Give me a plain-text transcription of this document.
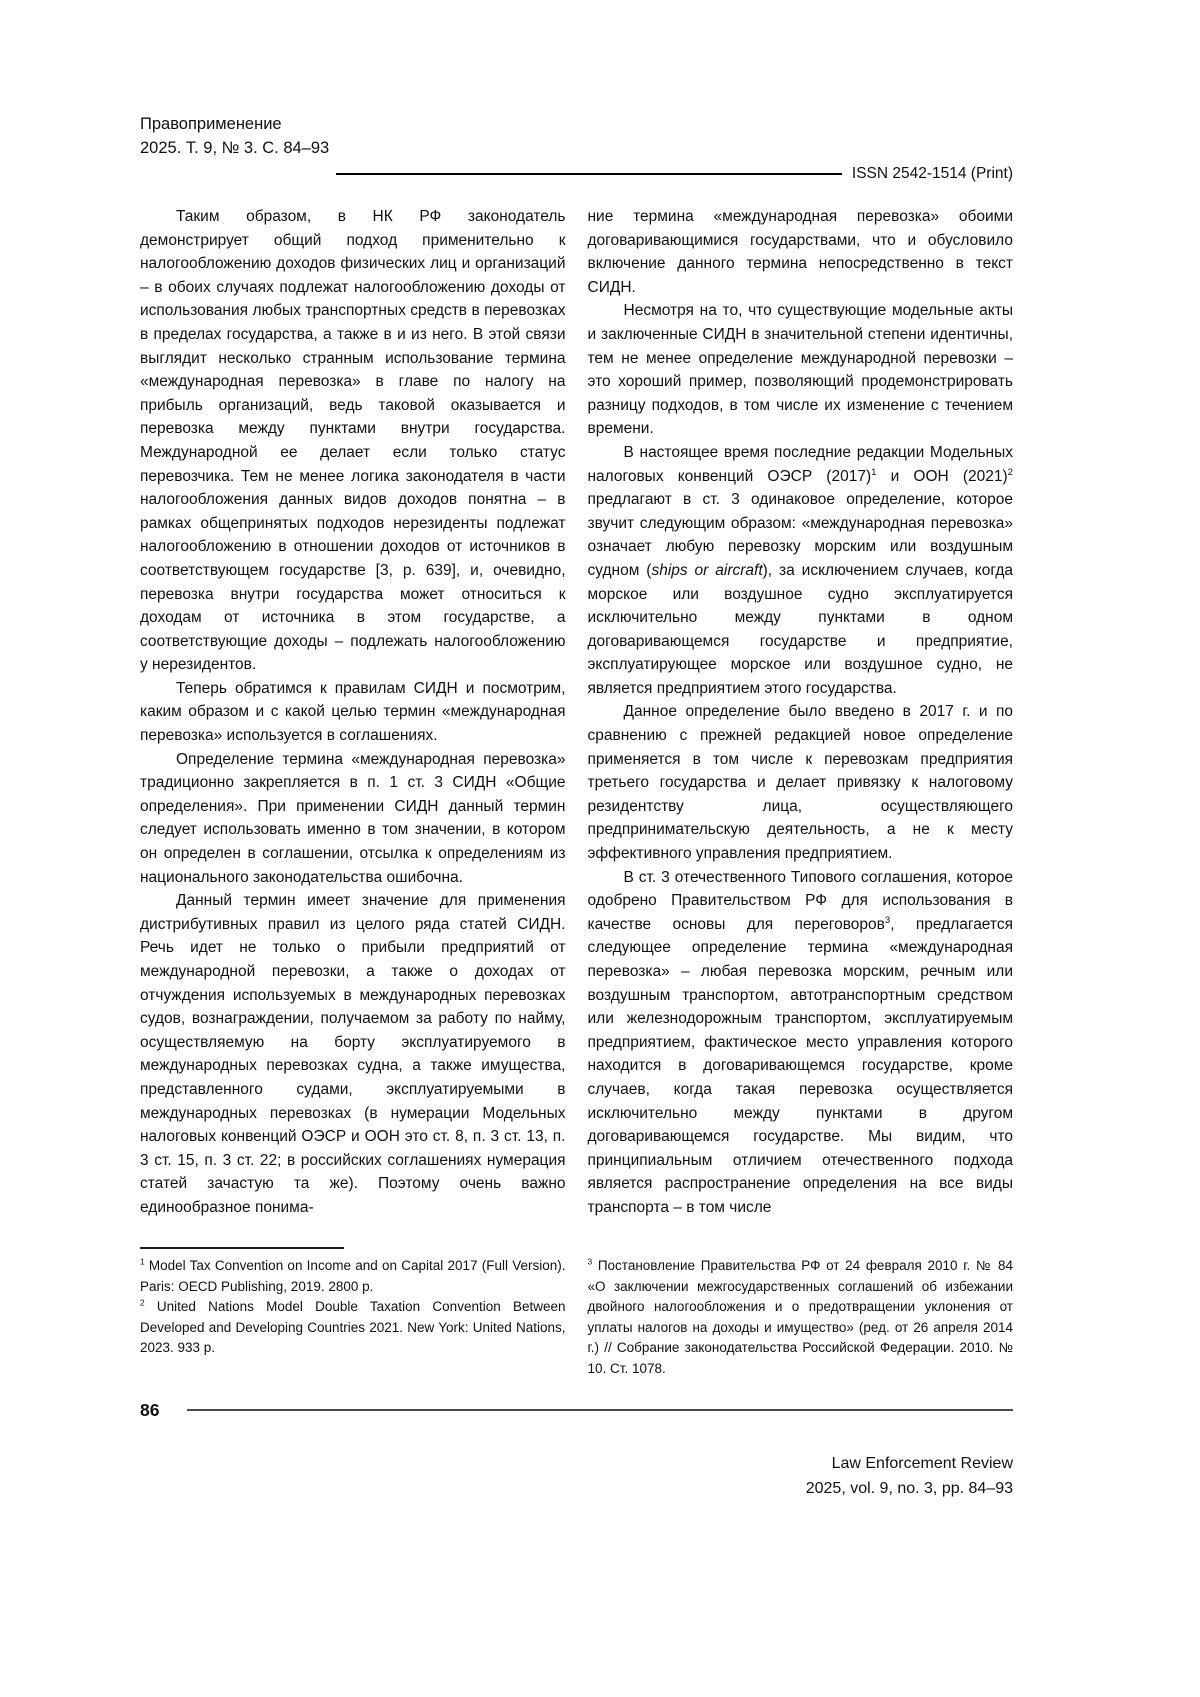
Правоприменение
2025. Т. 9, № 3. С. 84–93
ISSN 2542-1514 (Print)

Таким образом, в НК РФ законодатель демонстрирует общий подход применительно к налогообложению доходов физических лиц и организаций – в обоих случаях подлежат налогообложению доходы от использования любых транспортных средств в перевозках в пределах государства, а также в и из него. В этой связи выглядит несколько странным использование термина «международная перевозка» в главе по налогу на прибыль организаций, ведь таковой оказывается и перевозка между пунктами внутри государства. Международной ее делает если только статус перевозчика. Тем не менее логика законодателя в части налогообложения данных видов доходов понятна – в рамках общепринятых подходов нерезиденты подлежат налогообложению в отношении доходов от источников в соответствующем государстве [3, p. 639], и, очевидно, перевозка внутри государства может относиться к доходам от источника в этом государстве, а соответствующие доходы – подлежать налогообложению у нерезидентов.

Теперь обратимся к правилам СИДН и посмотрим, каким образом и с какой целью термин «международная перевозка» используется в соглашениях.

Определение термина «международная перевозка» традиционно закрепляется в п. 1 ст. 3 СИДН «Общие определения». При применении СИДН данный термин следует использовать именно в том значении, в котором он определен в соглашении, отсылка к определениям из национального законодательства ошибочна.

Данный термин имеет значение для применения дистрибутивных правил из целого ряда статей СИДН. Речь идет не только о прибыли предприятий от международной перевозки, а также о доходах от отчуждения используемых в международных перевозках судов, вознаграждении, получаемом за работу по найму, осуществляемую на борту эксплуатируемого в международных перевозках судна, а также имущества, представленного судами, эксплуатируемыми в международных перевозках (в нумерации Модельных налоговых конвенций ОЭСР и ООН это ст. 8, п. 3 ст. 13, п. 3 ст. 15, п. 3 ст. 22; в российских соглашениях нумерация статей зачастую та же). Поэтому очень важно единообразное понима-

ние термина «международная перевозка» обоими договаривающимися государствами, что и обусловило включение данного термина непосредственно в текст СИДН.

Несмотря на то, что существующие модельные акты и заключенные СИДН в значительной степени идентичны, тем не менее определение международной перевозки – это хороший пример, позволяющий продемонстрировать разницу подходов, в том числе их изменение с течением времени.

В настоящее время последние редакции Модельных налоговых конвенций ОЭСР $(2017)^1$ и ООН $(2021)^2$ предлагают в ст. 3 одинаковое определение, которое звучит следующим образом: «международная перевозка» означает любую перевозку морским или воздушным судном (ships or aircraft), за исключением случаев, когда морское или воздушное судно эксплуатируется исключительно между пунктами в одном договаривающемся государстве и предприятие, эксплуатирующее морское или воздушное судно, не является предприятием этого государства.

Данное определение было введено в 2017 г. и по сравнению с прежней редакцией новое определение применяется в том числе к перевозкам предприятия третьего государства и делает привязку к налоговому резидентству лица, осуществляющего предпринимательскую деятельность, а не к месту эффективного управления предприятием.

В ст. 3 отечественного Типового соглашения, которое одобрено Правительством РФ для использования в качестве основы для переговоров$^3$, предлагается следующее определение термина «международная перевозка» – любая перевозка морским, речным или воздушным транспортом, автотранспортным средством или железнодорожным транспортом, эксплуатируемым предприятием, фактическое место управления которого находится в договаривающемся государстве, кроме случаев, когда такая перевозка осуществляется исключительно между пунктами в другом договаривающемся государстве. Мы видим, что принципиальным отличием отечественного подхода является распространение определения на все виды транспорта – в том числе

$^1$ Model Tax Convention on Income and on Capital 2017 (Full Version). Paris: OECD Publishing, 2019. 2800 p.

$^2$ United Nations Model Double Taxation Convention Between Developed and Developing Countries 2021. New York: United Nations, 2023. 933 p.

$^3$ Постановление Правительства РФ от 24 февраля 2010 г. № 84 «О заключении межгосударственных соглашений об избежании двойного налогообложения и о предотвращении уклонения от уплаты налогов на доходы и имущество» (ред. от 26 апреля 2014 г.) // Собрание законодательства Российской Федерации. 2010. № 10. Ст. 1078.

86
Law Enforcement Review
2025, vol. 9, no. 3, pp. 84–93
